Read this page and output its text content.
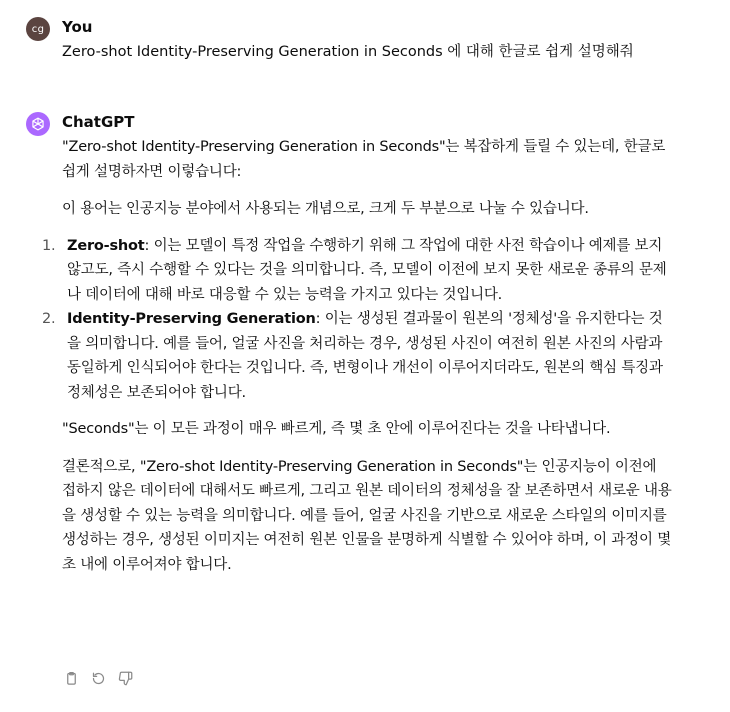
cg You
Zero-shot Identity-Preserving Generation in Seconds 에 대해 한글로 쉽게 설명해줘
ChatGPT

"Zero-shot Identity-Preserving Generation in Seconds"는 복잡하게 들릴 수 있는데, 한글로 쉽게 설명하자면 이렇습니다:

이 용어는 인공지능 분야에서 사용되는 개념으로, 크게 두 부분으로 나눌 수 있습니다.

1. Zero-shot: 이는 모델이 특정 작업을 수행하기 위해 그 작업에 대한 사전 학습이나 예제를 보지 않고도, 즉시 수행할 수 있다는 것을 의미합니다. 즉, 모델이 이전에 보지 못한 새로운 종류의 문제나 데이터에 대해 바로 대응할 수 있는 능력을 가지고 있다는 것입니다.
2. Identity-Preserving Generation: 이는 생성된 결과물이 원본의 '정체성'을 유지한다는 것을 의미합니다. 예를 들어, 얼굴 사진을 처리하는 경우, 생성된 사진이 여전히 원본 사진의 사람과 동일하게 인식되어야 한다는 것입니다. 즉, 변형이나 개선이 이루어지더라도, 원본의 핵심 특징과 정체성은 보존되어야 합니다.

"Seconds"는 이 모든 과정이 매우 빠르게, 즉 몇 초 안에 이루어진다는 것을 나타냅니다.

결론적으로, "Zero-shot Identity-Preserving Generation in Seconds"는 인공지능이 이전에 접하지 않은 데이터에 대해서도 빠르게, 그리고 원본 데이터의 정체성을 잘 보존하면서 새로운 내용을 생성할 수 있는 능력을 의미합니다. 예를 들어, 얼굴 사진을 기반으로 새로운 스타일의 이미지를 생성하는 경우, 생성된 이미지는 여전히 원본 인물을 분명하게 식별할 수 있어야 하며, 이 과정이 몇 초 내에 이루어져야 합니다.
